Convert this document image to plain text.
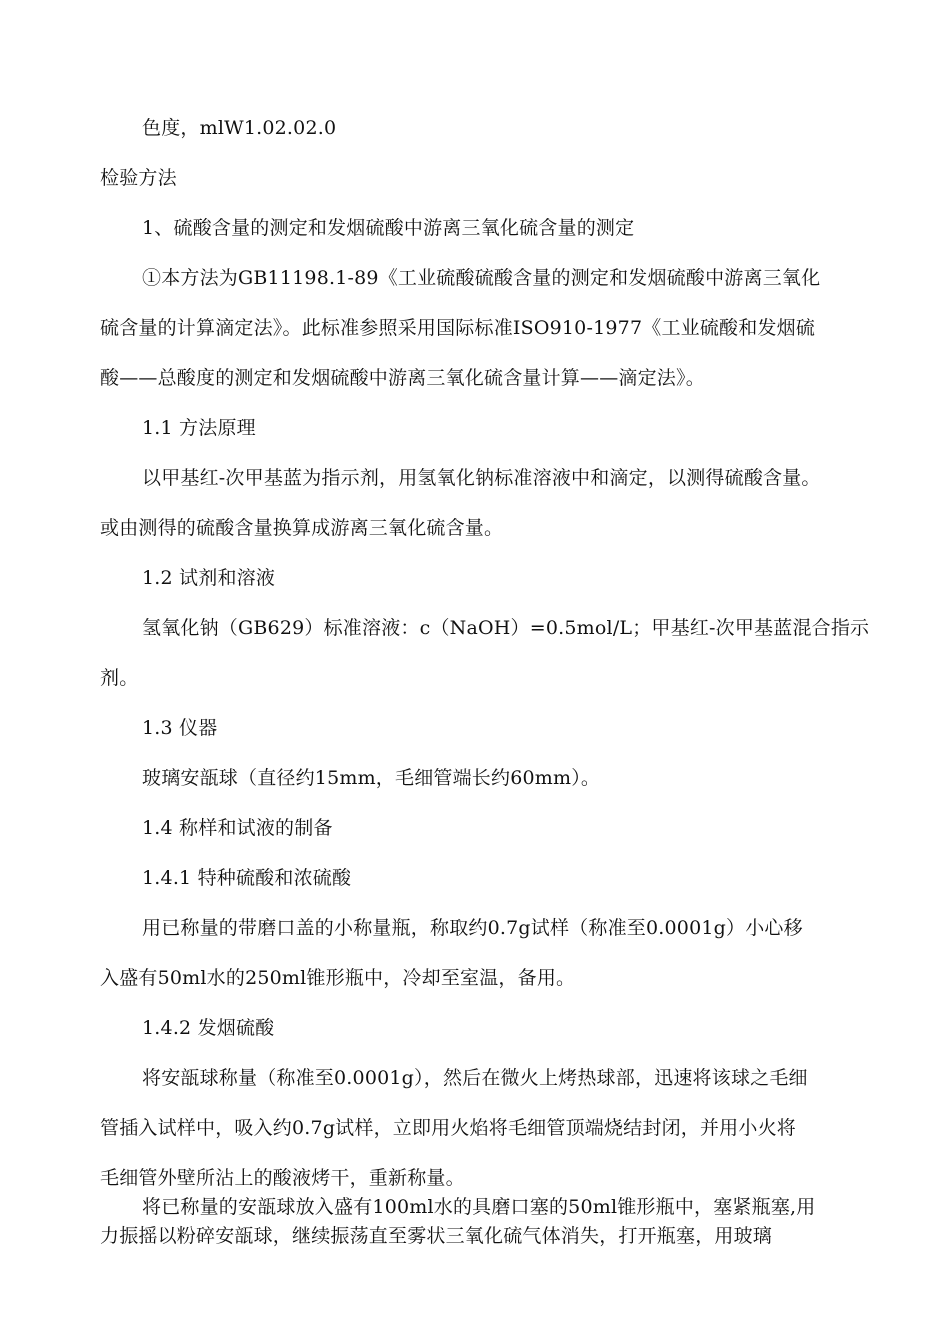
色度，mlW1.02.02.0
检验方法
1、硫酸含量的测定和发烟硫酸中游离三氧化硫含量的测定
①本方法为GB11198.1-89《工业硫酸硫酸含量的测定和发烟硫酸中游离三氧化
硫含量的计算滴定法》。此标准参照采用国际标准ISO910-1977《工业硫酸和发烟硫
酸——总酸度的测定和发烟硫酸中游离三氧化硫含量计算——滴定法》。
1.1 方法原理
以甲基红-次甲基蓝为指示剂，用氢氧化钠标准溶液中和滴定，以测得硫酸含量。
或由测得的硫酸含量换算成游离三氧化硫含量。
1.2 试剂和溶液
氢氧化钠（GB629）标准溶液：c（NaOH）=0.5mol/L；甲基红-次甲基蓝混合指示
剂。
1.3 仪器
玻璃安瓿球（直径约15mm，毛细管端长约60mm）。
1.4 称样和试液的制备
1.4.1 特种硫酸和浓硫酸
用已称量的带磨口盖的小称量瓶，称取约0.7g试样（称准至0.0001g）小心移
入盛有50ml水的250ml锥形瓶中，冷却至室温，备用。
1.4.2 发烟硫酸
将安瓿球称量（称准至0.0001g），然后在微火上烤热球部，迅速将该球之毛细
管插入试样中，吸入约0.7g试样，立即用火焰将毛细管顶端烧结封闭，并用小火将
毛细管外壁所沾上的酸液烤干，重新称量。
将已称量的安瓿球放入盛有100ml水的具磨口塞的50ml锥形瓶中，塞紧瓶塞,用
力振摇以粉碎安瓿球，继续振荡直至雾状三氧化硫气体消失，打开瓶塞，用玻璃
